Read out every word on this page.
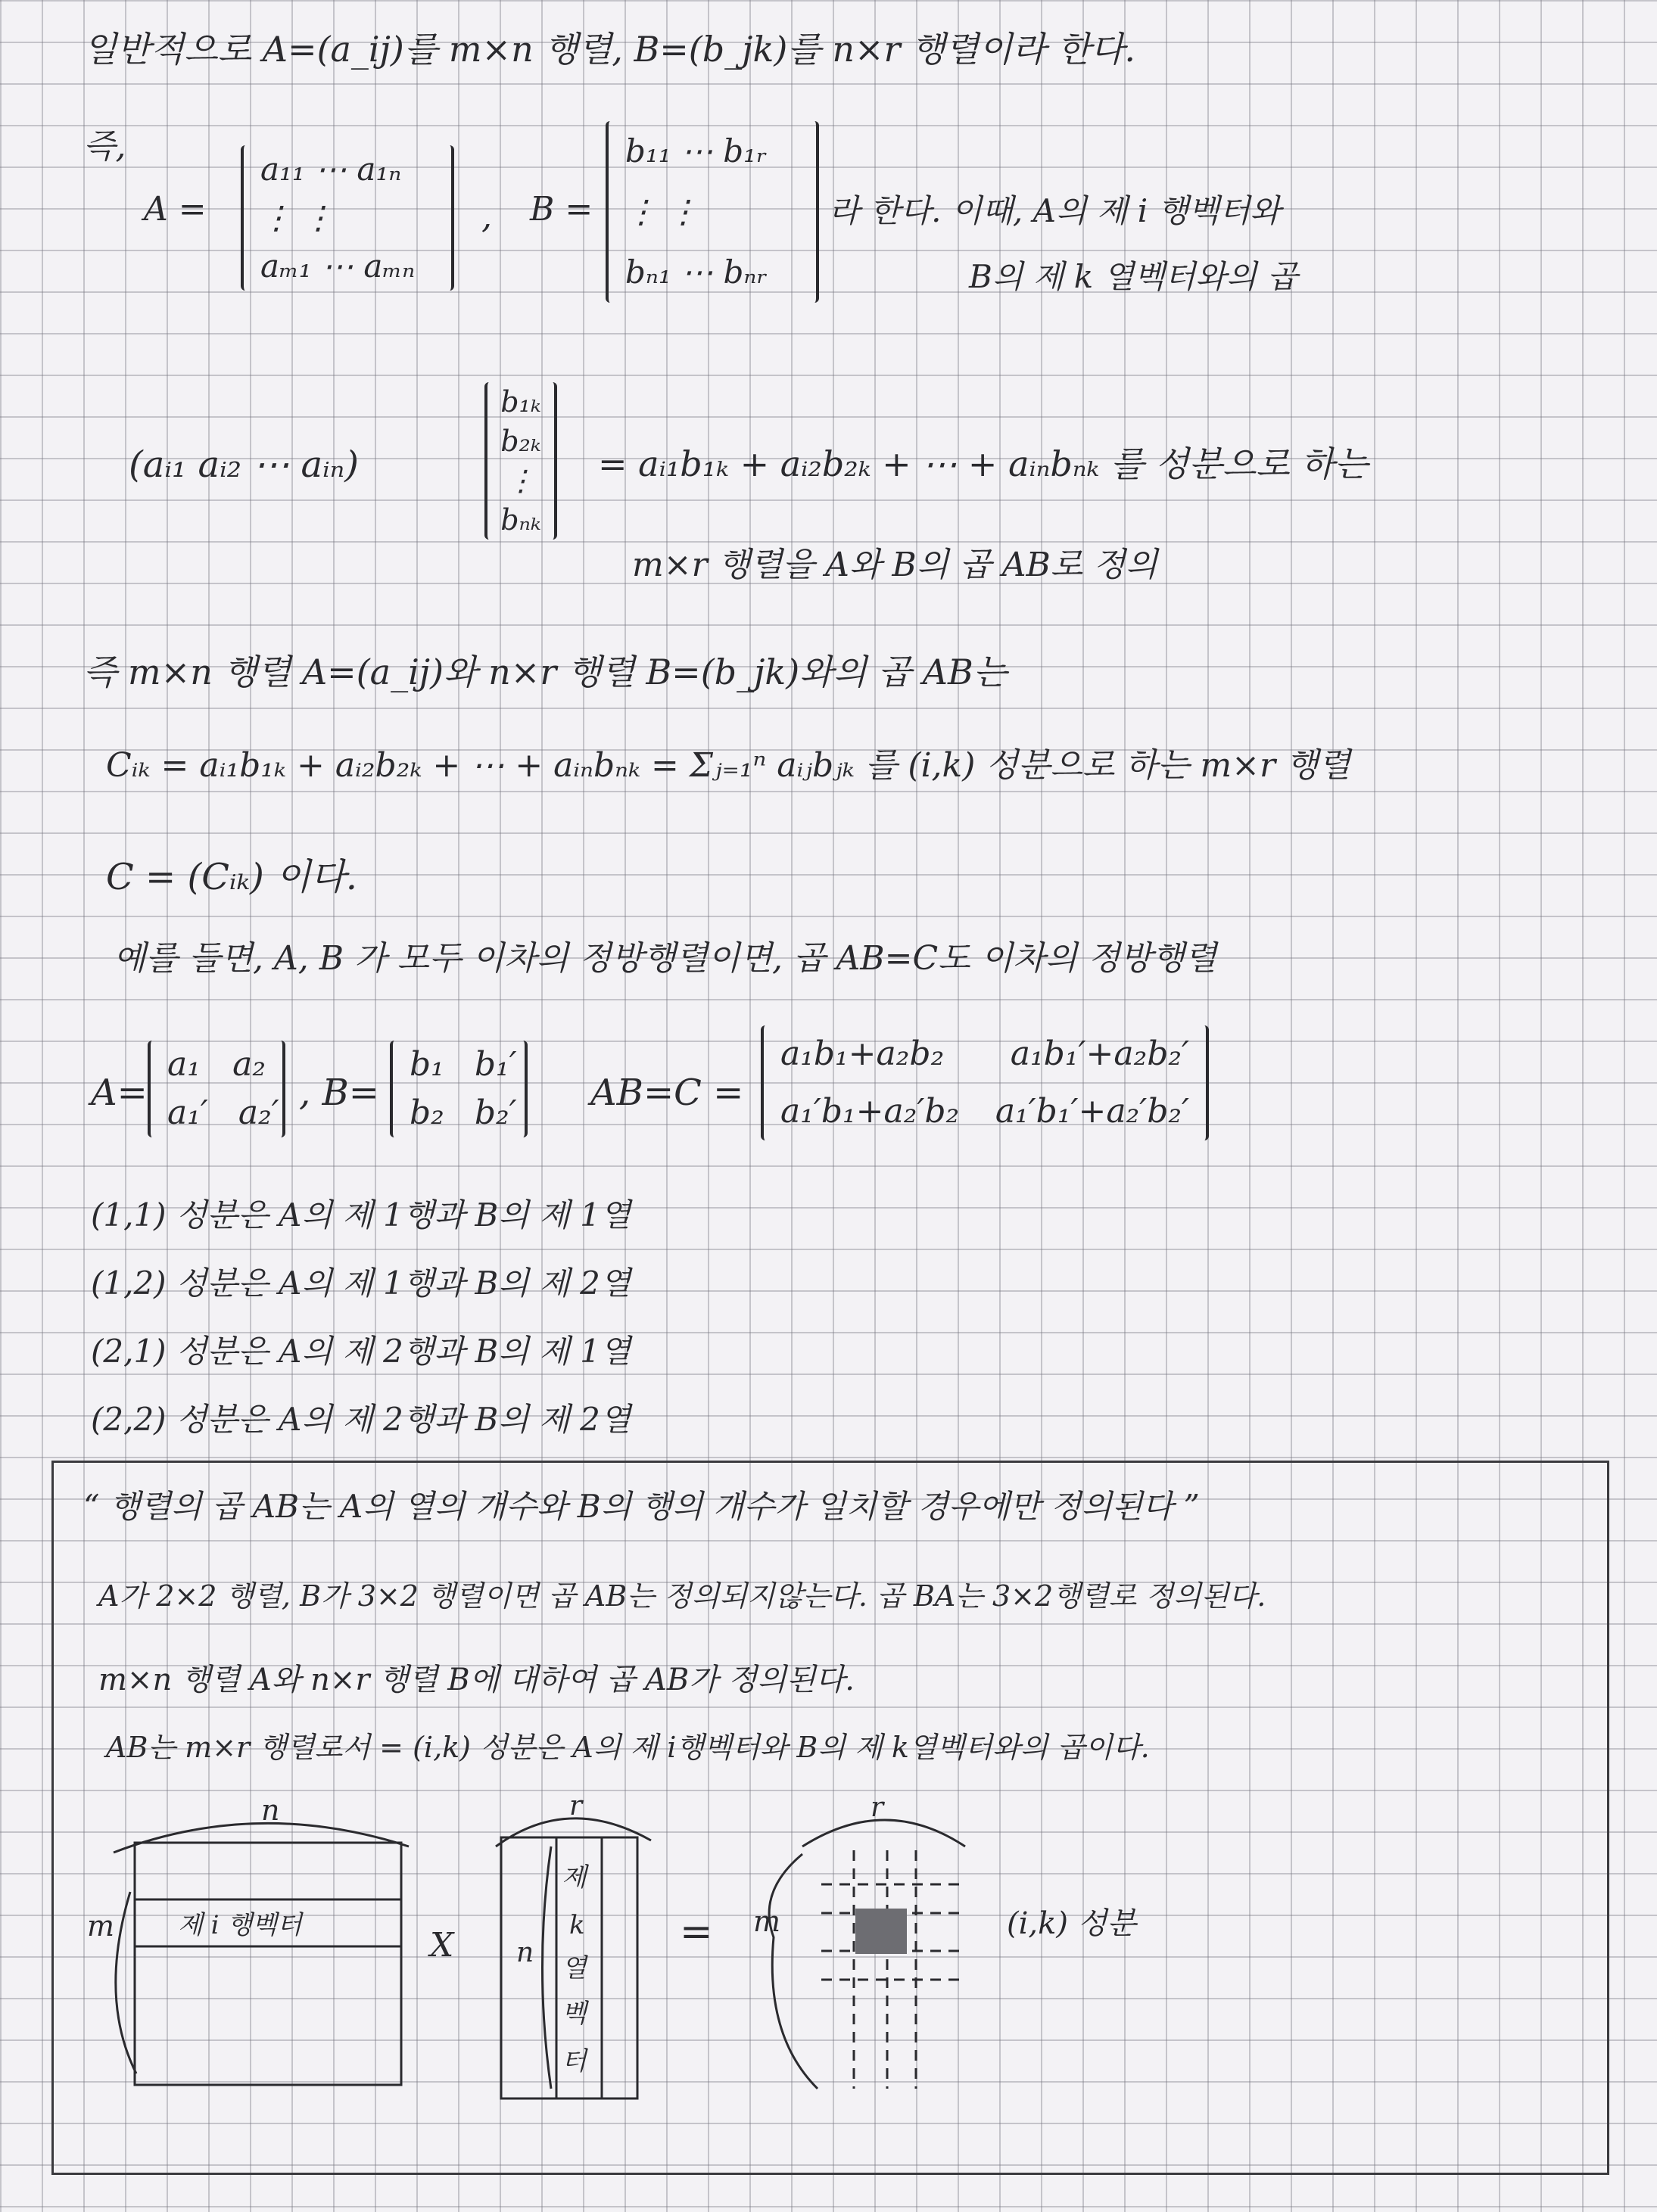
일반적으로 A=(a_ij)를 m×n 행렬, B=(b_jk)를 n×r 행렬이라 한다.
즉,
A =
a₁₁ ⋯ a₁ₙ
⋮ ⋮
aₘ₁ ⋯ aₘₙ
, B =
b₁₁ ⋯ b₁ᵣ
⋮ ⋮
bₙ₁ ⋯ bₙᵣ
라 한다. 이때, A의 제 i 행벡터와
B의 제 k 열벡터와의 곱
(aᵢ₁ aᵢ₂ ⋯ aᵢₙ)
b₁ₖ
b₂ₖ
⋮
bₙₖ
= aᵢ₁b₁ₖ + aᵢ₂b₂ₖ + ⋯ + aᵢₙbₙₖ 를 성분으로 하는
m×r 행렬을 A와 B의 곱 AB로 정의
즉 m×n 행렬 A=(a_ij)와 n×r 행렬 B=(b_jk)와의 곱 AB는
Cᵢₖ = aᵢ₁b₁ₖ + aᵢ₂b₂ₖ + ⋯ + aᵢₙbₙₖ = Σⱼ₌₁ⁿ aᵢⱼbⱼₖ 를 (i,k) 성분으로 하는 m×r 행렬
C = (Cᵢₖ) 이다.
예를 들면, A, B 가 모두 이차의 정방행렬이면, 곱 AB=C도 이차의 정방행렬
A=
a₁ a₂
a₁′ a₂′ , B=
b₁ b₁′
b₂ b₂′ AB=C =
a₁b₁+a₂b₂ a₁b₁′+a₂b₂′
a₁′b₁+a₂′b₂ a₁′b₁′+a₂′b₂′
(1,1) 성분은 A의 제 1행과 B의 제 1열
(1,2) 성분은 A의 제 1행과 B의 제 2열
(2,1) 성분은 A의 제 2행과 B의 제 1열
(2,2) 성분은 A의 제 2행과 B의 제 2열
“ 행렬의 곱 AB는 A의 열의 개수와 B의 행의 개수가 일치할 경우에만 정의된다 ”
A가 2×2 행렬, B가 3×2 행렬이면 곱 AB는 정의되지않는다. 곱 BA는 3×2행렬로 정의된다.
m×n 행렬 A와 n×r 행렬 B에 대하여 곱 AB가 정의된다.
AB는 m×r 행렬로서 = (i,k) 성분은 A의 제 i행벡터와 B의 제 k열벡터와의 곱이다.
n
m 제 i 행벡터
X
r
n
제
k
열
벡
터
= m
r
(i,k) 성분
